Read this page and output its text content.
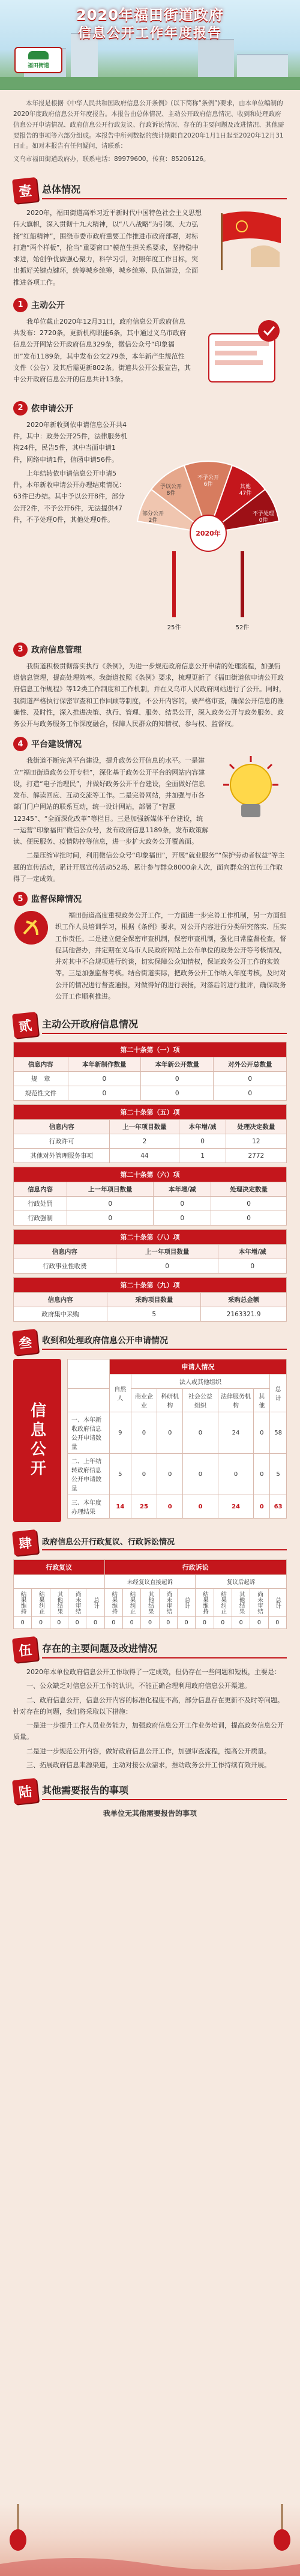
2020年福田街道政府
信息公开工作年度报告
福田街道
本年报是根据《中华人民共和国政府信息公开条例》(以下简称“条例”)要求，由本单位编制的2020年度政府信息公开年度报告。本报告由总体情况、主动公开政府信息情况、收到和处理政府信息公开申请情况、政府信息公开行政复议、行政诉讼情况、存在的主要问题及改进情况、其他需要报告的事项等六部分组成。本报告中所列数据的统计期限自2020年1月1日起至2020年12月31日止。如对本报告有任何疑问，请联系：
义乌市福田街道政府办，联系电话：89979600，传真：85206126。
壹 总体情况

2020年，福田街道高举习近平新时代中国特色社会主义思想伟大旗帜，深入贯彻十九大精神，以“八八战略”为引领、大力弘扬“红船精神”，围绕市委市政府重要工作推进市政府部署，对标打造“两个样板”，抢当“重要窗口”模范生担关系要求，坚持稳中求进，始创争优做强心聚力，科学习引，对照年度工作目标，突出抓好关键点键环，统筹城乡统筹，城乡统筹、队伍建设，全面推进各项工作。

1 主动公开

我单位截止2020年12月31日，政府信息公开政府信息共发布：2720条，更新机构职能6条，其中通过义乌市政府信息公开网站公开政府信息329条，微信公众号“印象福田”发布1189条，其中发布公文279条，本年新产生规范性文件（公告）及其后需更新802条。街道共公开公报宣告，其中公开政府信息公开的信息共计13条。

2 依申请公开

2020年新收到依申请信息公开共4件，其中：政务公开25件，法律服务机构24件，民告5件，其中当面申请1件，网络申请1件，信函申请56件。

上年结转依申请信息公开申请5件，本年新收申请公开办理结束情况：63件已办结。其中予以公开8件，部分公开2件，不予公开6件，无法提供47件，不予处理0件，其他处理0件。

2020年
部分公开
2件
予以公开
8件
不予公开
6件	其他
47件
不予处理
0件
25件	52件
3 政府信息管理

我街道积极贯彻落实执行《条例》，为进一步规范政府信息公开申请的处理流程，加强街道信息管理，提高处理效率。我街道按照《条例》要求，梳理更新了《福田街道依申请公开政府信息工作规程》等12类工作制度和工作机制，并在义乌市人民政府网站进行了公开。同时，我街道严格执行保密审查和工作回顾等制度，不公开内容的，要严格审查，确保公开信息的准确性、及时性，深入推进决策、执行、管理、服务、结果公开，深入政务公开与政务服务、政务公开与政务服务工作深度融合，保障人民群众的知情权、参与权、监督权。

4 平台建设情况

我街道不断完善平台建设，提升政务公开信息的水平。一是建立“福田街道政务公开专栏”，深化基于政务公开平台的网站内容建设，打造“电子治理民”，并做好政务公开平台建设，全面做好信息发布、解读回应、互动交流等工作。二是完善网站，并加强与市各部门门户网站的联系互动，统一设计网站，部署了“智慧12345”、“全面深化改革”等栏目。三是加强新媒体平台建设，统一运营“印象福田”微信公众号，发布政府信息1189条，发布政策解读、便民服务、疫情防控等信息，进一步扩大政务公开覆盖面。

二是压缩审批时间，利用微信公众号“印象福田”，开展“就业服务”“保护劳动者权益”等主题的宣传活动，累计开展宣传活动52场、累计参与群众8000余人次，面向群众的宣传工作取得了一定成效。

5 监督保障情况

福田街道高度重视政务公开工作，一方面进一步完善工作机制，另一方面组织工作人员培训学习，根据《条例》要求，对公开内容进行分类研究落实、压实工作责任。二是建立健全保密审查机制，保密审查机制，强化日常监督检查，督促其他督办，并定期在义乌市人民政府网站上公布单位的政务公开等考核情况，并对其中不合规项进行约谈，切实保障公众知情权，保证政务公开工作的实效等。三是加强监督考核。结合街道实际，把政务公开工作纳入年度考核，及时对公开的情况进行督查通报，对做得好的进行表扬，对落后的进行批评，确保政务公开工作顺利推进。

贰 主动公开政府信息情况
第二十条第（一）项			
信息内容	本年新制作数量	本年新公开数量	对外公开总数量
规　章	0	0	0
规范性文件	0	0	0
第二十条第（五）项			
信息内容	上一年项目数量	本年增/减	处理决定数量
行政许可	2	0	12
其他对外管理服务事项	44	1	2772
第二十条第（六）项			
信息内容	上一年项目数量	本年增/减	处理决定数量
行政处罚	0	0	0
行政强制	0	0	0
第二十条第（八）项		
信息内容	上一年项目数量	本年增/减
行政事业性收费	0	0
第二十条第（九）项		
信息内容	采购项目数量	采购总金额
政府集中采购	5	2163321.9
叁	收到和处理政府信息公开申请情况
信息公开
	申请人情况						
	自然人	法人或其他组织					总计
		商业企业	科研机构	社会公益组织	法律服务机构	其他	
一、本年新收政府信息公开申请数量	9	0	0	0	24	0	58
二、上年结转政府信息公开申请数量	5	0	0	0	0	0	5
三、本年度办理结果	14	25	0	0	24	0	63
肆	政府信息公开行政复议、行政诉讼情况
行政复议					行政诉讼									
					未经复议直接起诉					复议后起诉				
结果维持	结果纠正	其他结果	尚未审结	总计	结果维持	结果纠正	其他结果	尚未审结	总计	结果维持	结果纠正	其他结果	尚未审结	总计
0	0	0	0	0	0	0	0	0	0	0	0	0	0	0
伍 存在的主要问题及改进情况

2020年本单位政府信息公开工作取得了一定成效，但仍存在一些问题和短板，主要是：

一、公众缺乏对信息公开工作的认识，不能正确合理利用政府信息公开渠道。

二、政府信息公开，信息公开内容的标准化程度不高，部分信息存在更新不及时等问题。针对存在的问题，我们将采取以下措施：

一是进一步提升工作人员业务能力，加强政府信息公开工作业务培训，提高政务信息公开质量。

二是进一步规范公开内容，做好政府信息公开工作，加强审查流程，提高公开质量。

三、拓展政府信息来源渠道，主动对接公众需求，推动政务公开工作持续有效开展。

陆 其他需要报告的事项
我单位无其他需要报告的事项
